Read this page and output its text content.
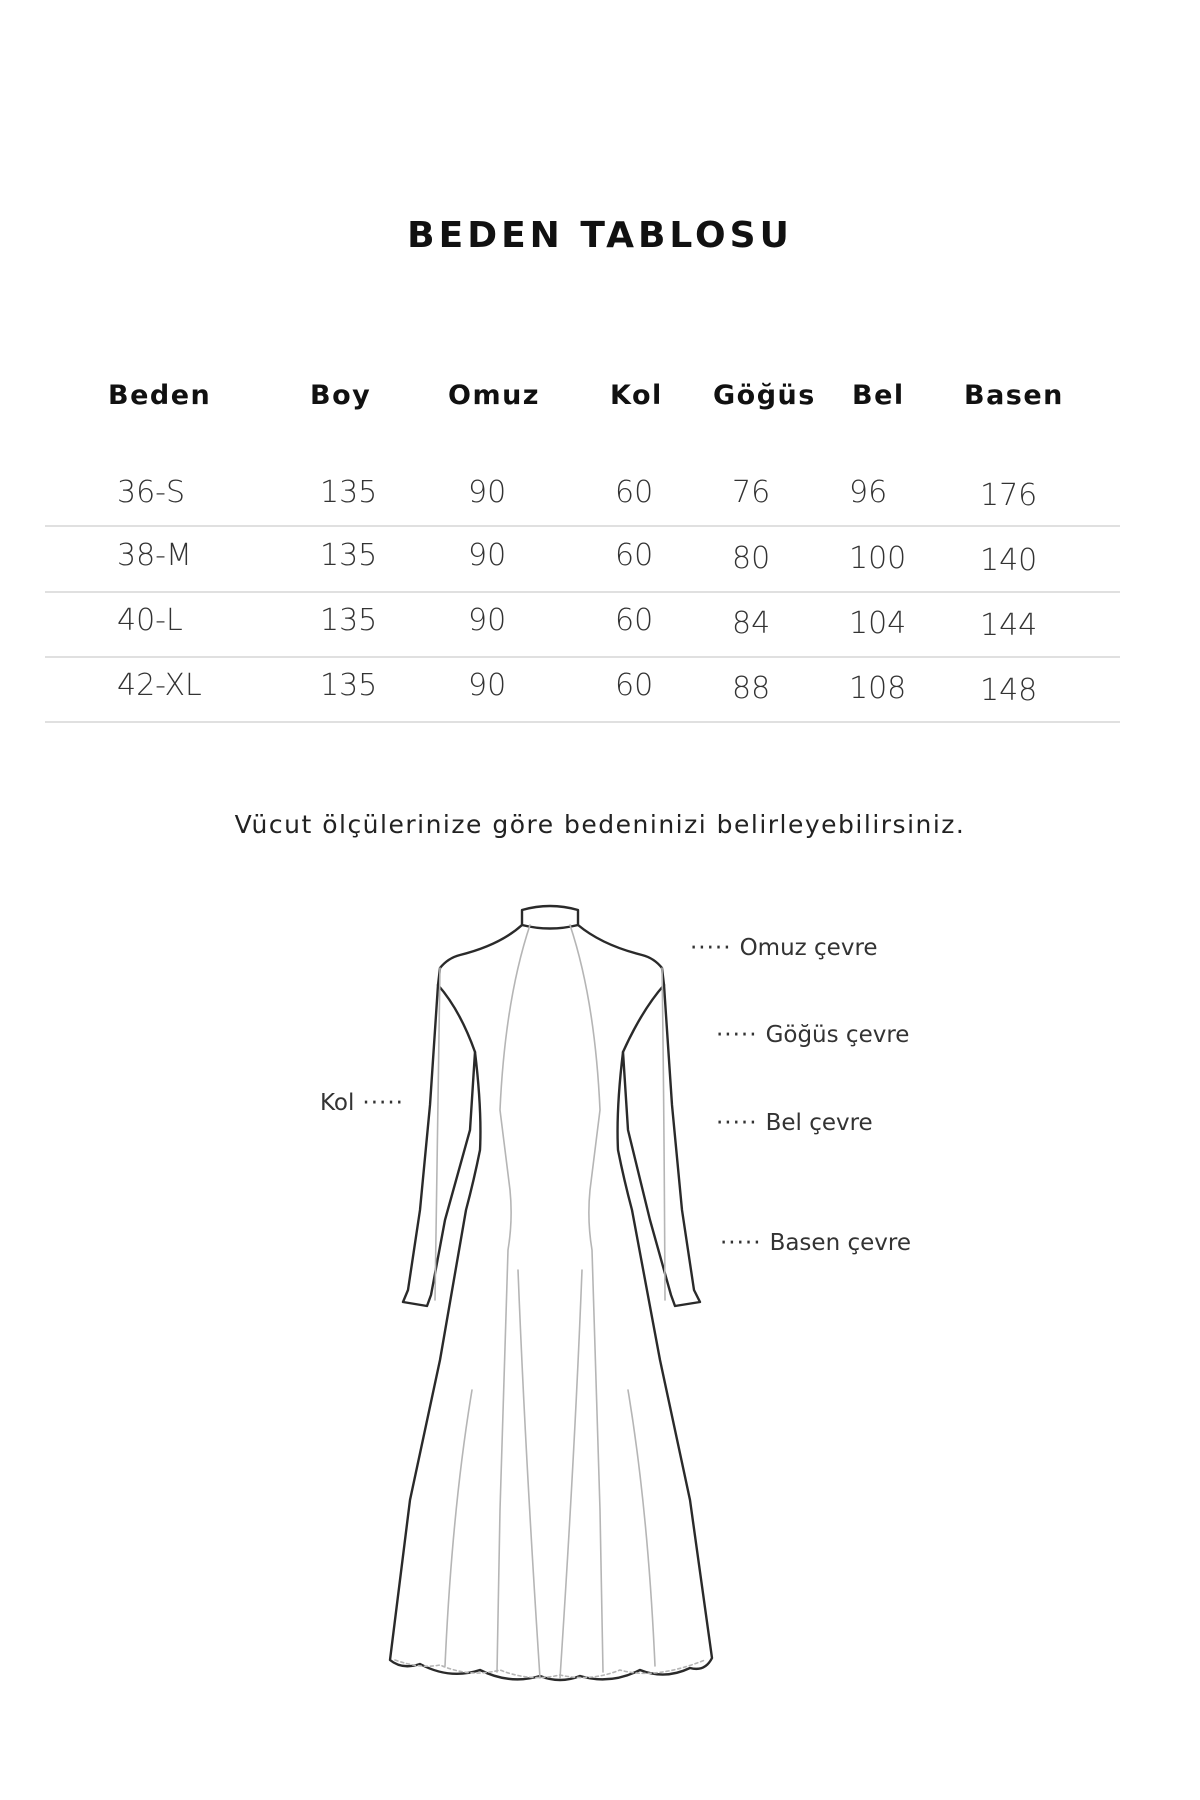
BEDEN TABLOSU
Beden	Boy	Omuz	Kol Göğüs Bel Basen
36-S	135	90	60	76	96	176
38-M	135	90	60	80	100 140
40-L	135	90	60	84	104 144
42-XL	135	90	60	88	108 148
Vücut ölçülerinize göre bedeninizi belirleyebilirsiniz.
····· Omuz çevre
····· Göğüs çevre
····· Bel çevre
····· Basen çevre
Kol ·····
